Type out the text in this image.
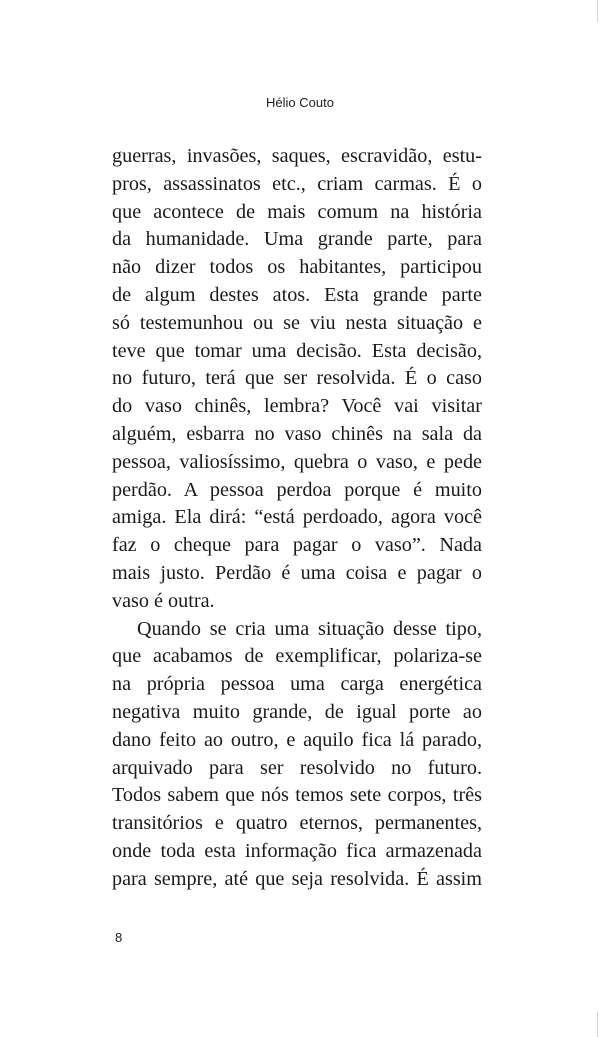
Hélio Couto
guerras, invasões, saques, escravidão, estu-
pros, assassinatos etc., criam carmas. É o
que acontece de mais comum na história
da humanidade. Uma grande parte, para
não dizer todos os habitantes, participou
de algum destes atos. Esta grande parte
só testemunhou ou se viu nesta situação e
teve que tomar uma decisão. Esta decisão,
no futuro, terá que ser resolvida. É o caso
do vaso chinês, lembra? Você vai visitar
alguém, esbarra no vaso chinês na sala da
pessoa, valiosíssimo, quebra o vaso, e pede
perdão. A pessoa perdoa porque é muito
amiga. Ela dirá: “está perdoado, agora você
faz o cheque para pagar o vaso”. Nada
mais justo. Perdão é uma coisa e pagar o
vaso é outra.
Quando se cria uma situação desse tipo,
que acabamos de exemplificar, polariza-se
na própria pessoa uma carga energética
negativa muito grande, de igual porte ao
dano feito ao outro, e aquilo fica lá parado,
arquivado para ser resolvido no futuro.
Todos sabem que nós temos sete corpos, três
transitórios e quatro eternos, permanentes,
onde toda esta informação fica armazenada
para sempre, até que seja resolvida. É assim
8
